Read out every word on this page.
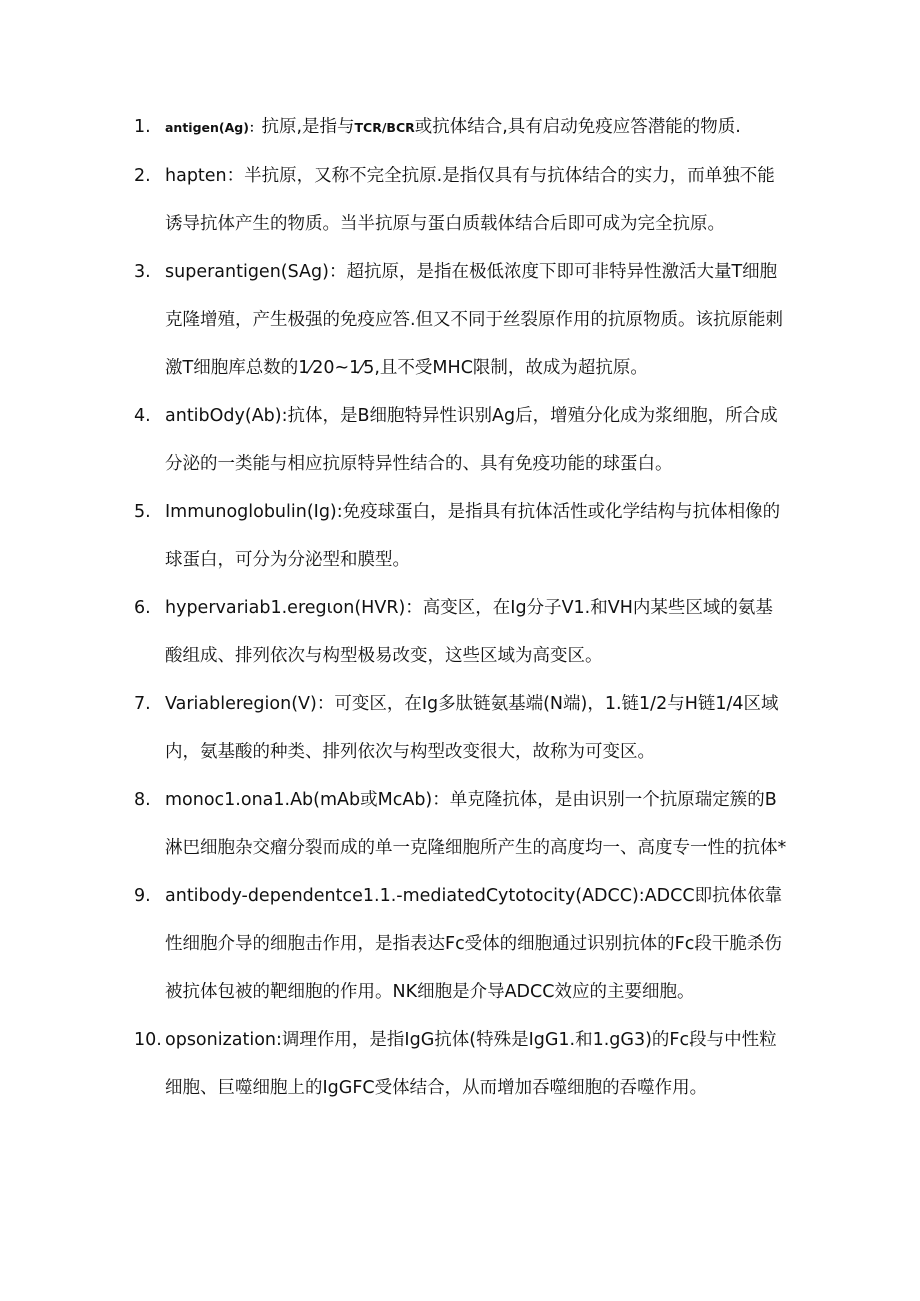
1. antigen(Ag)：抗原,是指与TCR/BCR或抗体结合,具有启动免疫应答潜能的物质.
2. hapten：半抗原，又称不完全抗原.是指仅具有与抗体结合的实力，而单独不能诱导抗体产生的物质。当半抗原与蛋白质载体结合后即可成为完全抗原。
3. superantigen(SAg)：超抗原，是指在极低浓度下即可非特异性激活大量T细胞克隆增殖，产生极强的免疫应答.但又不同于丝裂原作用的抗原物质。该抗原能刺激T细胞库总数的1⁄20~1⁄5,且不受MHC限制，故成为超抗原。
4. antibOdy(Ab):抗体，是B细胞特异性识别Ag后，增殖分化成为浆细胞，所合成分泌的一类能与相应抗原特异性结合的、具有免疫功能的球蛋白。
5. Immunoglobulin(Ig):免疫球蛋白，是指具有抗体活性或化学结构与抗体相像的球蛋白，可分为分泌型和膜型。
6. hypervariab1.eregιon(HVR)：高变区，在Ig分子V1.和VH内某些区域的氨基酸组成、排列依次与构型极易改变，这些区域为高变区。
7. Variableregion(V)：可变区，在Ig多肽链氨基端(N端)，1.链1/2与H链1/4区域内，氨基酸的种类、排列依次与构型改变很大，故称为可变区。
8. monoc1.ona1.Ab(mAb或McAb)：单克隆抗体，是由识别一个抗原瑞定簇的B淋巴细胞杂交瘤分裂而成的单一克隆细胞所产生的高度均一、高度专一性的抗体*
9. antibody-dependentce1.1.-mediatedCytotocity(ADCC):ADCC即抗体依靠性细胞介导的细胞击作用，是指表达Fc受体的细胞通过识别抗体的Fc段干脆杀伤被抗体包被的靶细胞的作用。NK细胞是介导ADCC效应的主要细胞。
10. opsonization:调理作用，是指IgG抗体(特殊是IgG1.和1.gG3)的Fc段与中性粒细胞、巨噬细胞上的IgGFC受体结合，从而增加吞噬细胞的吞噬作用。
